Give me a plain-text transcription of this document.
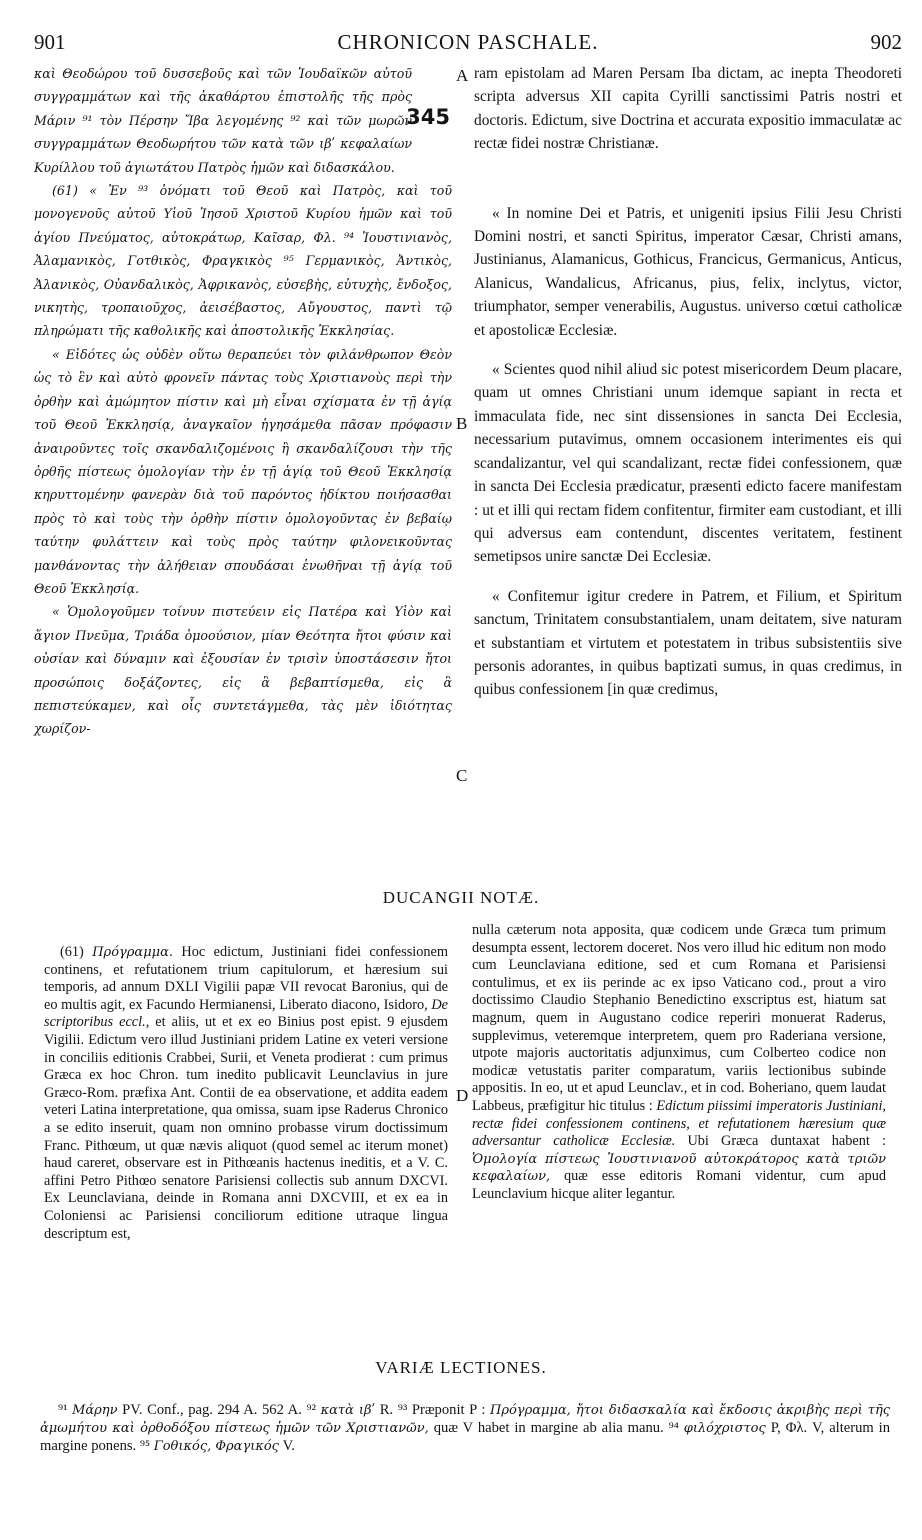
901	CHRONICON PASCHALE.	902
A
B
C
D
345

καὶ Θεοδώρου τοῦ δυσσεβοῦς καὶ τῶν Ἰουδαϊκῶν αὐτοῦ συγγραμμάτων καὶ τῆς ἀκαθάρτου ἐπιστολῆς τῆς πρὸς Μάριν ⁹¹ τὸν Πέρσην Ἴβα λεγομένης ⁹² καὶ τῶν μωρῶν συγγραμμάτων Θεοδωρήτου τῶν κατὰ τῶν ιβʹ κεφαλαίων Κυρίλλου τοῦ ἁγιωτάτου Πατρὸς ἡμῶν καὶ διδασκάλου.

(61) « Ἐν ⁹³ ὀνόματι τοῦ Θεοῦ καὶ Πατρὸς, καὶ τοῦ μονογενοῦς αὐτοῦ Υἱοῦ Ἰησοῦ Χριστοῦ Κυρίου ἡμῶν καὶ τοῦ ἁγίου Πνεύματος, αὐτοκράτωρ, Καῖσαρ, Φλ. ⁹⁴ Ἰουστινιανὸς, Ἀλαμανικὸς, Γοτθικὸς, Φραγκικὸς ⁹⁵ Γερμανικὸς, Ἀντικὸς, Ἀλανικὸς, Οὐανδαλικὸς, Ἀφρικανὸς, εὐσεβὴς, εὐτυχὴς, ἔνδοξος, νικητὴς, τροπαιοῦχος, ἀεισέβαστος, Αὔγουστος, παντὶ τῷ πληρώματι τῆς καθολικῆς καὶ ἀποστολικῆς Ἐκκλησίας.

« Εἰδότες ὡς οὐδὲν οὕτω θεραπεύει τὸν φιλάνθρωπον Θεὸν ὡς τὸ ἓν καὶ αὐτὸ φρονεῖν πάντας τοὺς Χριστιανοὺς περὶ τὴν ὀρθὴν καὶ ἀμώμητον πίστιν καὶ μὴ εἶναι σχίσματα ἐν τῇ ἁγίᾳ τοῦ Θεοῦ Ἐκκλησίᾳ, ἀναγκαῖον ἡγησάμεθα πᾶσαν πρόφασιν ἀναιροῦντες τοῖς σκανδαλιζομένοις ἢ σκανδαλίζουσι τὴν τῆς ὀρθῆς πίστεως ὁμολογίαν τὴν ἐν τῇ ἁγίᾳ τοῦ Θεοῦ Ἐκκλησίᾳ κηρυττομένην φανερὰν διὰ τοῦ παρόντος ἠδίκτου ποιήσασθαι πρὸς τὸ καὶ τοὺς τὴν ὀρθὴν πίστιν ὁμολογοῦντας ἐν βεβαίῳ ταύτην φυλάττειν καὶ τοὺς πρὸς ταύτην φιλονεικοῦντας μανθάνοντας τὴν ἀλήθειαν σπουδάσαι ἑνωθῆναι τῇ ἁγίᾳ τοῦ Θεοῦ Ἐκκλησίᾳ.

« Ὁμολογοῦμεν τοίνυν πιστεύειν εἰς Πατέρα καὶ Υἱὸν καὶ ἅγιον Πνεῦμα, Τριάδα ὁμοούσιον, μίαν Θεότητα ἤτοι φύσιν καὶ οὐσίαν καὶ δύναμιν καὶ ἐξουσίαν ἐν τρισὶν ὑποστάσεσιν ἤτοι προσώποις δοξάζοντες, εἰς ἃ βεβαπτίσμεθα, εἰς ἃ πεπιστεύκαμεν, καὶ οἷς συντετάγμεθα, τὰς μὲν ἰδιότητας χωρίζον-

ram epistolam ad Maren Persam Iba dictam, ac inepta Theodoreti scripta adversus XII capita Cyrilli sanctissimi Patris nostri et doctoris. Edictum, sive Doctrina et accurata expositio immaculatæ ac rectæ fidei nostræ Christianæ.

« In nomine Dei et Patris, et unigeniti ipsius Filii Jesu Christi Domini nostri, et sancti Spiritus, imperator Cæsar, Christi amans, Justinianus, Alamanicus, Gothicus, Francicus, Germanicus, Anticus, Alanicus, Wandalicus, Africanus, pius, felix, inclytus, victor, triumphator, semper venerabilis, Augustus. universo cœtui catholicæ et apostolicæ Ecclesiæ.

« Scientes quod nihil aliud sic potest misericordem Deum placare, quam ut omnes Christiani unum idemque sapiant in recta et immaculata fide, nec sint dissensiones in sancta Dei Ecclesia, necessarium putavimus, omnem occasionem interimentes eis qui scandalizantur, vel qui scandalizant, rectæ fidei confessionem, quæ in sancta Dei Ecclesia prædicatur, præsenti edicto facere manifestam : ut et illi qui rectam fidem confitentur, firmiter eam custodiant, et illi qui adversus eam contendunt, discentes veritatem, festinent semetipsos unire sanctæ Dei Ecclesiæ.

« Confitemur igitur credere in Patrem, et Filium, et Spiritum sanctum, Trinitatem consubstantialem, unam deitatem, sive naturam et substantiam et virtutem et potestatem in tribus subsistentiis sive personis adorantes, in quibus baptizati sumus, in quas credimus, in quibus confessionem [in quæ credimus,

DUCANGII NOTÆ.
(61) Πρόγραμμα. Hoc edictum, Justiniani fidei confessionem continens, et refutationem trium capitulorum, et hæresium sui temporis, ad annum DXLI Vigilii papæ VII revocat Baronius, qui de eo multis agit, ex Facundo Hermianensi, Liberato diacono, Isidoro, De scriptoribus eccl., et aliis, ut et ex eo Binius post epist. 9 ejusdem Vigilii. Edictum vero illud Justiniani pridem Latine ex veteri versione in conciliis editionis Crabbei, Surii, et Veneta prodierat : cum primus Græca ex hoc Chron. tum inedito publicavit Leunclavius in jure Græco-Rom. præfixa Ant. Contii de ea observatione, et addita eadem veteri Latina interpretatione, qua omissa, suam ipse Raderus Chronico a se edito inseruit, quam non omnino probasse virum doctissimum Franc. Pithœum, ut quæ nævis aliquot (quod semel ac iterum monet) haud careret, observare est in Pithœanis hactenus ineditis, et a V. C. affini Petro Pithœo senatore Parisiensi collectis sub annum DXCVI. Ex Leunclaviana, deinde in Romana anni DXCVIII, et ex ea in Coloniensi ac Parisiensi conciliorum editione utraque lingua descriptum est,
nulla cæterum nota apposita, quæ codicem unde Græca tum primum desumpta essent, lectorem doceret. Nos vero illud hic editum non modo cum Leunclaviana editione, sed et cum Romana et Parisiensi contulimus, et ex iis perinde ac ex ipso Vaticano cod., prout a viro doctissimo Claudio Stephanio Benedictino exscriptus est, hiatum sat magnum, quem in Augustano codice reperiri monuerat Raderus, supplevimus, veteremque interpretem, quem pro Raderiana versione, utpote majoris auctoritatis adjunximus, cum Colberteo codice non modicæ vetustatis pariter comparatum, variis lectionibus subinde appositis. In eo, ut et apud Leunclav., et in cod. Boheriano, quem laudat Labbeus, præfigitur hic titulus : Edictum piissimi imperatoris Justiniani, rectæ fidei confessionem continens, et refutationem hæresium quæ adversantur catholicæ Ecclesiæ. Ubi Græca duntaxat habent : Ὁμολογία πίστεως Ἰουστινιανοῦ αὐτοκράτορος κατὰ τριῶν κεφαλαίων, quæ esse editoris Romani videntur, cum apud Leunclavium hicque aliter legantur.
VARIÆ LECTIONES.
⁹¹ Μάρην PV. Conf., pag. 294 A. 562 A. ⁹² κατὰ ιβʹ R. ⁹³ Præponit P : Πρόγραμμα, ἤτοι διδασκαλία καὶ ἔκδοσις ἀκριβὴς περὶ τῆς ἀμωμήτου καὶ ὀρθοδόξου πίστεως ἡμῶν τῶν Χριστιανῶν, quæ V habet in margine ab alia manu. ⁹⁴ φιλόχριστος P, Φλ. V, alterum in margine ponens. ⁹⁵ Γοθικός, Φραγικός V.
